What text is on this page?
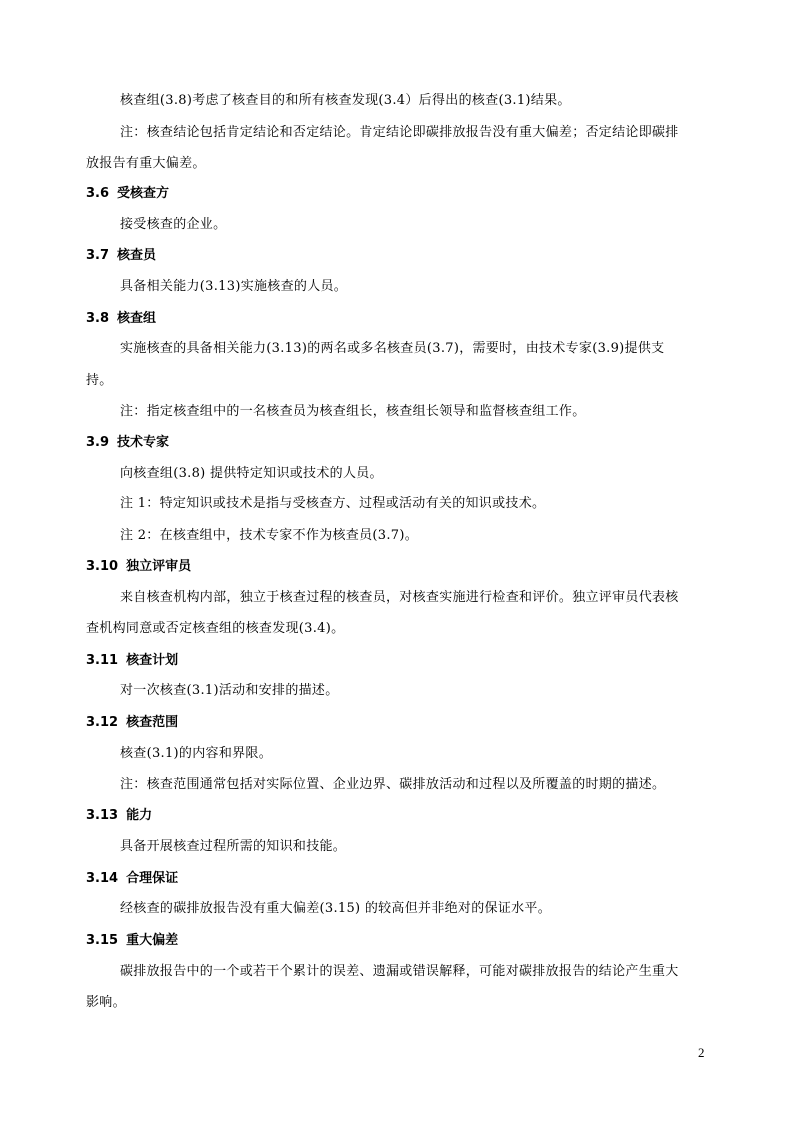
核查组(3.8)考虑了核查目的和所有核查发现(3.4）后得出的核查(3.1)结果。
注：核查结论包括肯定结论和否定结论。肯定结论即碳排放报告没有重大偏差；否定结论即碳排
放报告有重大偏差。
3.6 受核查方
接受核查的企业。
3.7 核查员
具备相关能力(3.13)实施核查的人员。
3.8 核查组
实施核查的具备相关能力(3.13)的两名或多名核查员(3.7)，需要时，由技术专家(3.9)提供支
持。
注：指定核查组中的一名核查员为核查组长，核查组长领导和监督核查组工作。
3.9 技术专家
向核查组(3.8) 提供特定知识或技术的人员。
注 1：特定知识或技术是指与受核查方、过程或活动有关的知识或技术。
注 2：在核查组中，技术专家不作为核查员(3.7)。
3.10 独立评审员
来自核查机构内部，独立于核查过程的核查员，对核查实施进行检查和评价。独立评审员代表核
查机构同意或否定核查组的核查发现(3.4)。
3.11 核查计划
对一次核查(3.1)活动和安排的描述。
3.12 核查范围
核查(3.1)的内容和界限。
注：核查范围通常包括对实际位置、企业边界、碳排放活动和过程以及所覆盖的时期的描述。
3.13 能力
具备开展核查过程所需的知识和技能。
3.14 合理保证
经核查的碳排放报告没有重大偏差(3.15) 的较高但并非绝对的保证水平。
3.15 重大偏差
碳排放报告中的一个或若干个累计的误差、遗漏或错误解释，可能对碳排放报告的结论产生重大
影响。
2
